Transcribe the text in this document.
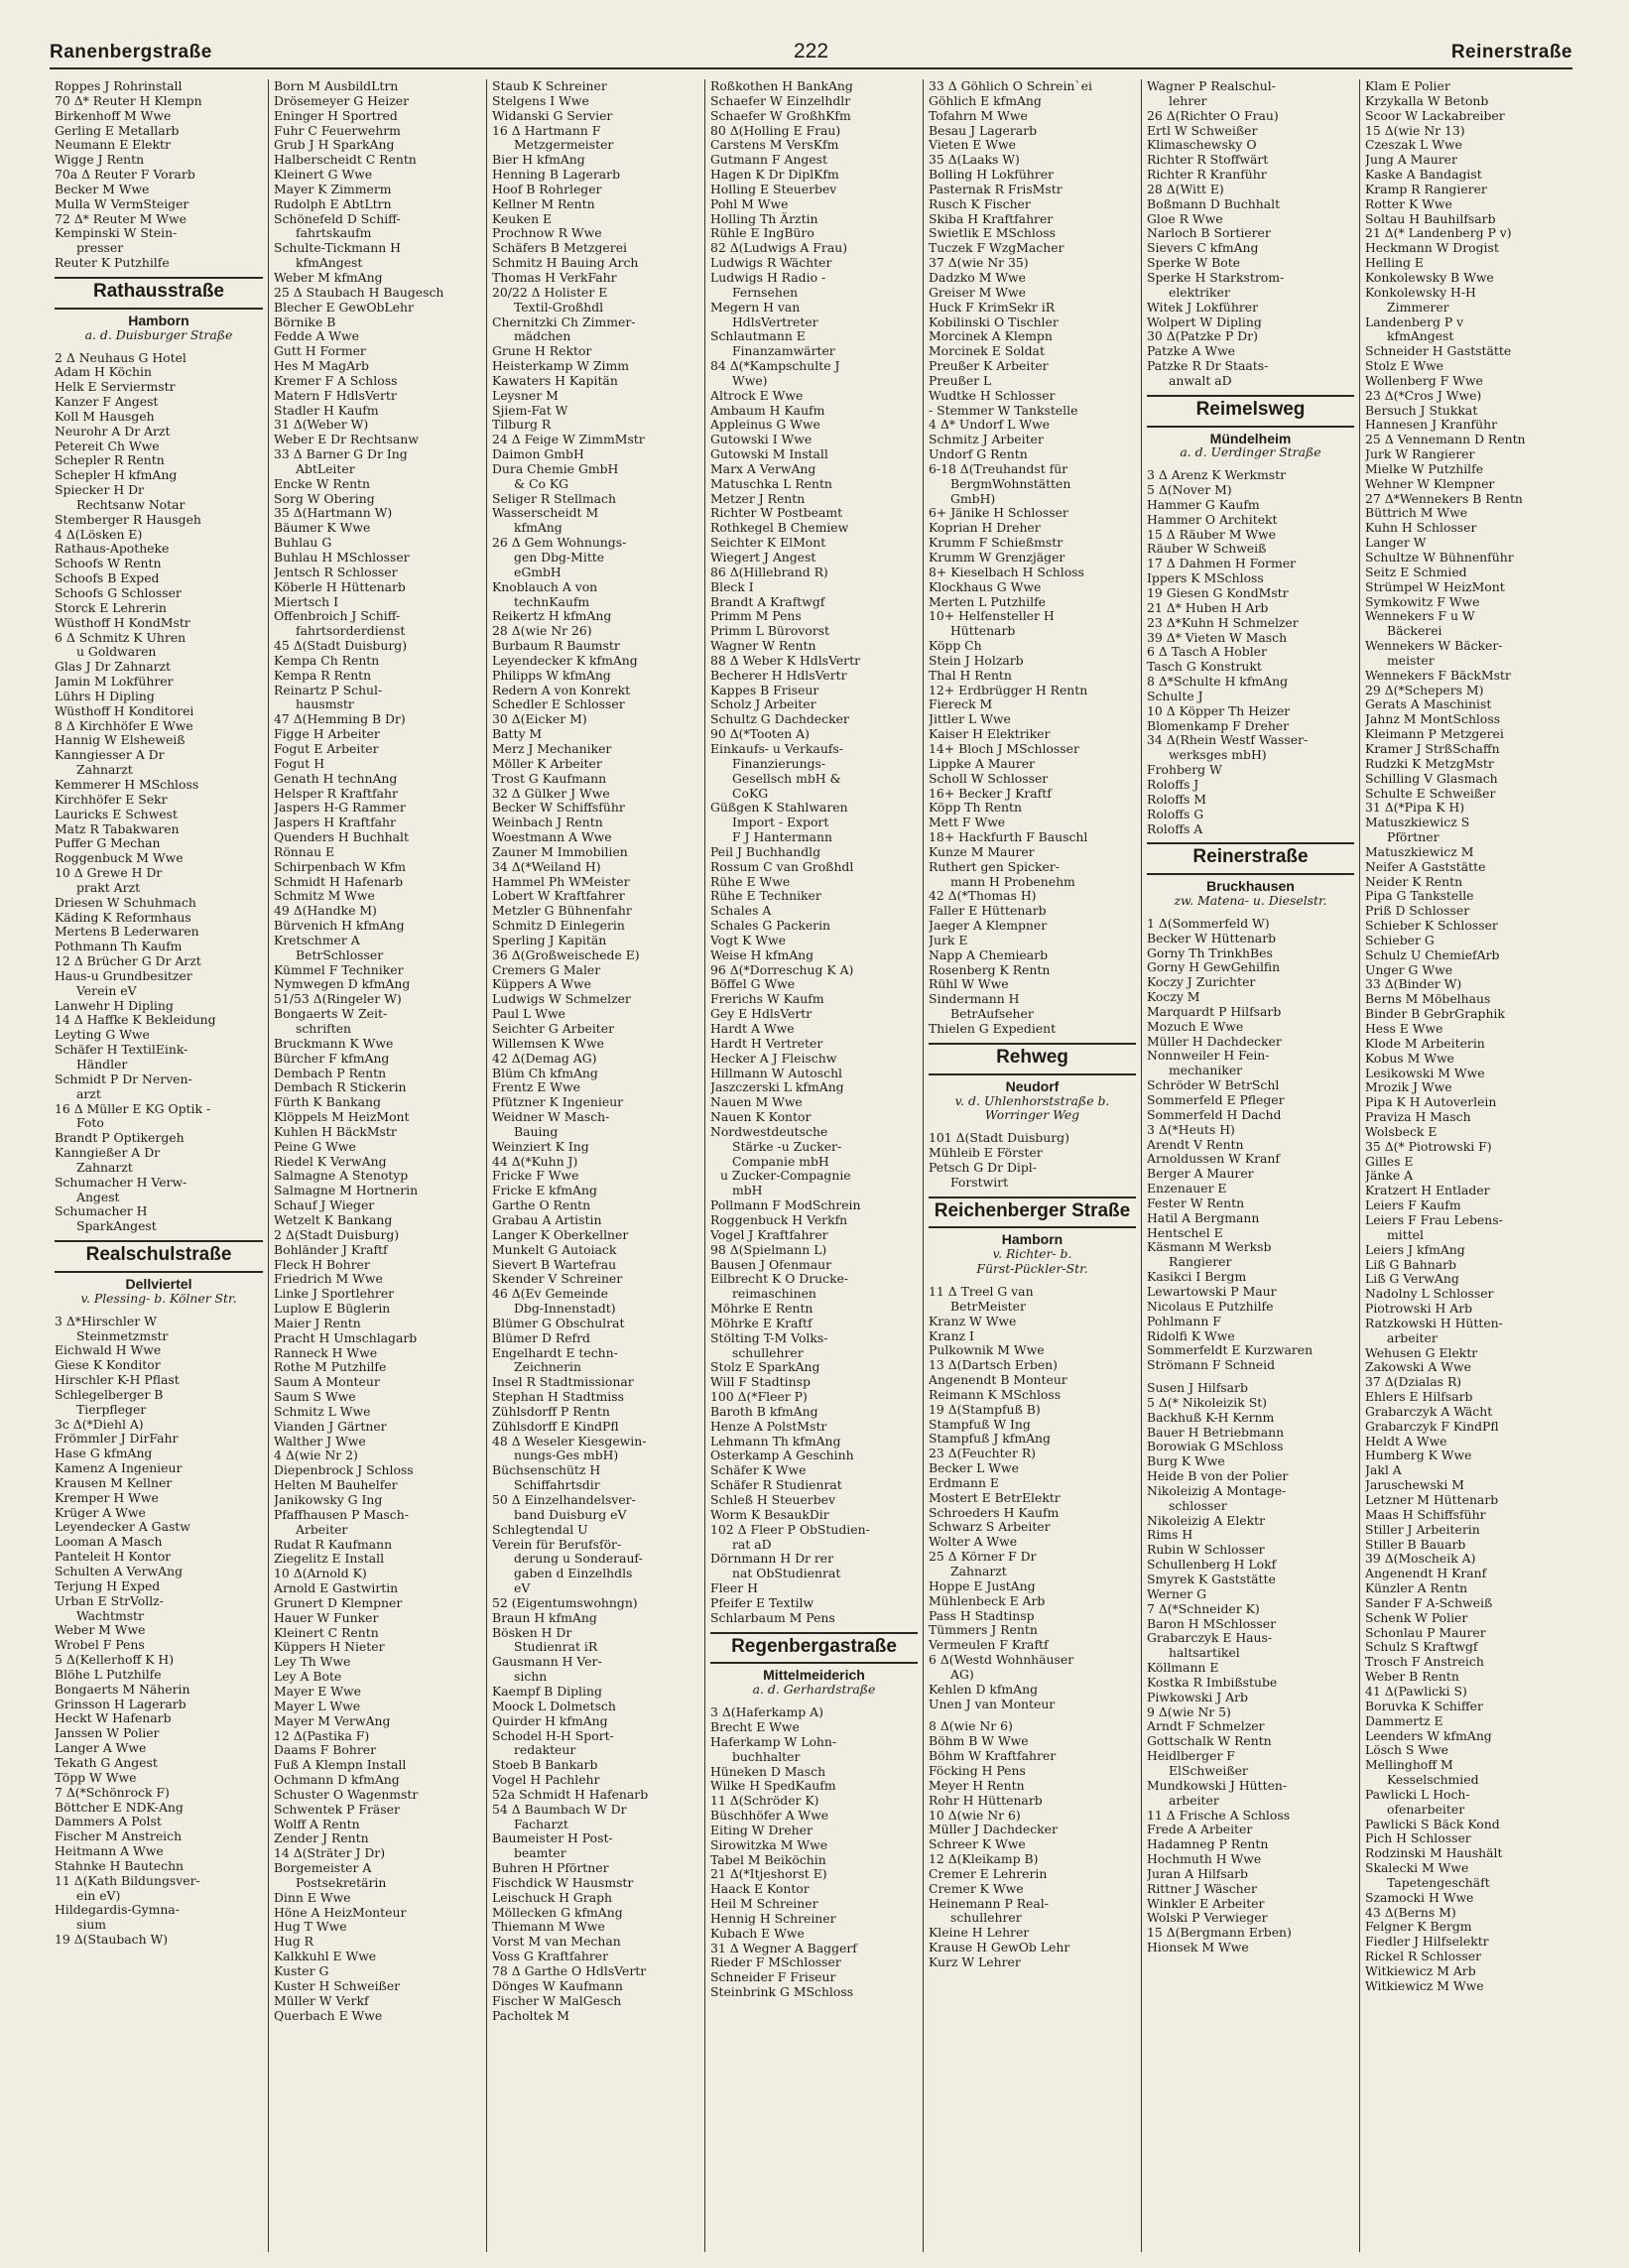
Ranenbergstraße	222	Reinerstraße
Roppes J Rohrinstall
70 Δ* Reuter H Klempn
Birkenhoff M Wwe
Gerling E Metallarb
Neumann E Elektr
Wigge J Rentn
70a Δ Reuter F Vorarb
Becker M Wwe
Mulla W VermSteiger
72 Δ* Reuter M Wwe
Kempinski W Stein-
presser
Reuter K Putzhilfe
Rathausstraße
Hamborn
a. d. Duisburger Straße
2 Δ Neuhaus G Hotel
Adam H Köchin
Helk E Serviermstr
Kanzer F Angest
Koll M Hausgeh
Neurohr A Dr Arzt
Petereit Ch Wwe
Schepler R Rentn
Schepler H kfmAng
Spiecker H Dr
Rechtsanw Notar
Stemberger R Hausgeh
4 Δ(Lösken E)
Rathaus-Apotheke
Schoofs W Rentn
Schoofs B Exped
Schoofs G Schlosser
Storck E Lehrerin
Wüsthoff H KondMstr
6 Δ Schmitz K Uhren
u Goldwaren
Glas J Dr Zahnarzt
Jamin M Lokführer
Lührs H Dipling
Wüsthoff H Konditorei
8 Δ Kirchhöfer E Wwe
Hannig W Elsheweiß
Kanngiesser A Dr
Zahnarzt
Kemmerer H MSchloss
Kirchhöfer E Sekr
Lauricks E Schwest
Matz R Tabakwaren
Puffer G Mechan
Roggenbuck M Wwe
10 Δ Grewe H Dr
prakt Arzt
Driesen W Schuhmach
Käding K Reformhaus
Mertens B Lederwaren
Pothmann Th Kaufm
12 Δ Brücher G Dr Arzt
Haus-u Grundbesitzer
Verein eV
Lanwehr H Dipling
14 Δ Haffke K Bekleidung
Leyting G Wwe
Schäfer H TextilEink-
Händler
Schmidt P Dr Nerven-
arzt
16 Δ Müller E KG Optik -
Foto
Brandt P Optikergeh
Kanngießer A Dr
Zahnarzt
Schumacher H Verw-
Angest
Schumacher H
SparkAngest
Realschulstraße
Dellviertel
v. Plessing- b. Kölner Str.
3 Δ*Hirschler W
Steinmetzmstr
Eichwald H Wwe
Giese K Konditor
Hirschler K-H Pflast
Schlegelberger B
Tierpfleger
3c Δ(*Diehl A)
Frömmler J DirFahr
Hase G kfmAng
Kamenz A Ingenieur
Krausen M Kellner
Kremper H Wwe
Krüger A Wwe
Leyendecker A Gastw
Looman A Masch
Panteleit H Kontor
Schulten A VerwAng
Terjung H Exped
Urban E StrVollz-
Wachtmstr
Weber M Wwe
Wrobel F Pens
5 Δ(Kellerhoff K H)
Blöhe L Putzhilfe
Bongaerts M Näherin
Grinsson H Lagerarb
Heckt W Hafenarb
Janssen W Polier
Langer A Wwe
Tekath G Angest
Töpp W Wwe
7 Δ(*Schönrock F)
Böttcher E NDK-Ang
Dammers A Polst
Fischer M Anstreich
Heitmann A Wwe
Stahnke H Bautechn
11 Δ(Kath Bildungsver-
ein eV)
Hildegardis-Gymna-
sium
19 Δ(Staubach W)
Born M AusbildLtrn
Drösemeyer G Heizer
Eninger H Sportred
Fuhr C Feuerwehrm
Grub J H SparkAng
Halberscheidt C Rentn
Kleinert G Wwe
Mayer K Zimmerm
Rudolph E AbtLtrn
Schönefeld D Schiff-
fahrtskaufm
Schulte-Tickmann H
kfmAngest
Weber M kfmAng
25 Δ Staubach H Baugesch
Blecher E GewObLehr
Börnike B
Fedde A Wwe
Gutt H Former
Hes M MagArb
Kremer F A Schloss
Matern F HdlsVertr
Stadler H Kaufm
31 Δ(Weber W)
Weber E Dr Rechtsanw
33 Δ Barner G Dr Ing
AbtLeiter
Encke W Rentn
Sorg W Obering
35 Δ(Hartmann W)
Bäumer K Wwe
Buhlau G
Buhlau H MSchlosser
Jentsch R Schlosser
Köberle H Hüttenarb
Miertsch I
Offenbroich J Schiff-
fahrtsorderdienst
45 Δ(Stadt Duisburg)
Kempa Ch Rentn
Kempa R Rentn
Reinartz P Schul-
hausmstr
47 Δ(Hemming B Dr)
Figge H Arbeiter
Fogut E Arbeiter
Fogut H
Genath H technAng
Helsper R Kraftfahr
Jaspers H-G Rammer
Jaspers H Kraftfahr
Quenders H Buchhalt
Rönnau E
Schirpenbach W Kfm
Schmidt H Hafenarb
Schmitz M Wwe
49 Δ(Handke M)
Bürvenich H kfmAng
Kretschmer A
BetrSchlosser
Kümmel F Techniker
Nymwegen D kfmAng
51/53 Δ(Ringeler W)
Bongaerts W Zeit-
schriften
Bruckmann K Wwe
Bürcher F kfmAng
Dembach P Rentn
Dembach R Stickerin
Fürth K Bankang
Klöppels M HeizMont
Kuhlen H BäckMstr
Peine G Wwe
Riedel K VerwAng
Salmagne A Stenotyp
Salmagne M Hortnerin
Schauf J Wieger
Wetzelt K Bankang
2 Δ(Stadt Duisburg)
Bohländer J Kraftf
Fleck H Bohrer
Friedrich M Wwe
Linke J Sportlehrer
Luplow E Büglerin
Maier J Rentn
Pracht H Umschlagarb
Ranneck H Wwe
Rothe M Putzhilfe
Saum A Monteur
Saum S Wwe
Schmitz L Wwe
Vianden J Gärtner
Walther J Wwe
4 Δ(wie Nr 2)
Diepenbrock J Schloss
Helten M Bauhelfer
Janikowsky G Ing
Pfaffhausen P Masch-
Arbeiter
Rudat R Kaufmann
Ziegelitz E Install
10 Δ(Arnold K)
Arnold E Gastwirtin
Grunert D Klempner
Hauer W Funker
Kleinert C Rentn
Küppers H Nieter
Ley Th Wwe
Ley A Bote
Mayer E Wwe
Mayer L Wwe
Mayer M VerwAng
12 Δ(Pastika F)
Daams F Bohrer
Fuß A Klempn Install
Ochmann D kfmAng
Schuster O Wagenmstr
Schwentek P Fräser
Wolff A Rentn
Zender J Rentn
14 Δ(Sträter J Dr)
Borgemeister A
Postsekretärin
Dinn E Wwe
Höne A HeizMonteur
Hug T Wwe
Hug R
Kalkkuhl E Wwe
Kuster G
Kuster H Schweißer
Müller W Verkf
Querbach E Wwe
Staub K Schreiner
Stelgens I Wwe
Widanski G Servier
16 Δ Hartmann F
Metzgermeister
Bier H kfmAng
Henning B Lagerarb
Hoof B Rohrleger
Kellner M Rentn
Keuken E
Prochnow R Wwe
Schäfers B Metzgerei
Schmitz H Bauing Arch
Thomas H VerkFahr
20/22 Δ Holister E
Textil-Großhdl
Chernitzki Ch Zimmer-
mädchen
Grune H Rektor
Heisterkamp W Zimm
Kawaters H Kapitän
Leysner M
Sjiem-Fat W
Tilburg R
24 Δ Feige W ZimmMstr
Daimon GmbH
Dura Chemie GmbH
& Co KG
Seliger R Stellmach
Wasserscheidt M
kfmAng
26 Δ Gem Wohnungs-
gen Dbg-Mitte
eGmbH
Knoblauch A von
technKaufm
Reikertz H kfmAng
28 Δ(wie Nr 26)
Burbaum R Baumstr
Leyendecker K kfmAng
Philipps W kfmAng
Redern A von Konrekt
Schedler E Schlosser
30 Δ(Eicker M)
Batty M
Merz J Mechaniker
Möller K Arbeiter
Trost G Kaufmann
32 Δ Gülker J Wwe
Becker W Schiffsführ
Weinbach J Rentn
Woestmann A Wwe
Zauner M Immobilien
34 Δ(*Weiland H)
Hammel Ph WMeister
Lobert W Kraftfahrer
Metzler G Bühnenfahr
Schmitz D Einlegerin
Sperling J Kapitän
36 Δ(Großweischede E)
Cremers G Maler
Küppers A Wwe
Ludwigs W Schmelzer
Paul L Wwe
Seichter G Arbeiter
Willemsen K Wwe
42 Δ(Demag AG)
Blüm Ch kfmAng
Frentz E Wwe
Pfützner K Ingenieur
Weidner W Masch-
Bauing
Weinziert K Ing
44 Δ(*Kuhn J)
Fricke F Wwe
Fricke E kfmAng
Garthe O Rentn
Grabau A Artistin
Langer K Oberkellner
Munkelt G Autoiack
Sievert B Wartefrau
Skender V Schreiner
46 Δ(Ev Gemeinde
Dbg-Innenstadt)
Blümer G Obschulrat
Blümer D Refrd
Engelhardt E techn-
Zeichnerin
Insel R Stadtmissionar
Stephan H Stadtmiss
Zühlsdorff P Rentn
Zühlsdorff E KindPfl
48 Δ Weseler Kiesgewin-
nungs-Ges mbH)
Büchsenschütz H
Schiffahrtsdir
50 Δ Einzelhandelsver-
band Duisburg eV
Schlegtendal U
Verein für Berufsför-
derung u Sonderauf-
gaben d Einzelhdls
eV
52 (Eigentumswohngn)
Braun H kfmAng
Bösken H Dr
Studienrat iR
Gausmann H Ver-
sichn
Kaempf B Dipling
Moock L Dolmetsch
Quirder H kfmAng
Schodel H-H Sport-
redakteur
Stoeb B Bankarb
Vogel H Pachlehr
52a Schmidt H Hafenarb
54 Δ Baumbach W Dr
Facharzt
Baumeister H Post-
beamter
Buhren H Pförtner
Fischdick W Hausmstr
Leischuck H Graph
Möllecken G kfmAng
Thiemann M Wwe
Vorst M van Mechan
Voss G Kraftfahrer
78 Δ Garthe O HdlsVertr
Dönges W Kaufmann
Fischer W MalGesch
Pacholtek M
Roßkothen H BankAng
Schaefer W Einzelhdlr
Schaefer W GroßhKfm
80 Δ(Holling E Frau)
Carstens M VersKfm
Gutmann F Angest
Hagen K Dr DiplKfm
Holling E Steuerbev
Pohl M Wwe
Holling Th Ärztin
Rühle E IngBüro
82 Δ(Ludwigs A Frau)
Ludwigs R Wächter
Ludwigs H Radio -
Fernsehen
Megern H van
HdlsVertreter
Schlautmann E
Finanzamwärter
84 Δ(*Kampschulte J
Wwe)
Altrock E Wwe
Ambaum H Kaufm
Appleinus G Wwe
Gutowski I Wwe
Gutowski M Install
Marx A VerwAng
Matuschka L Rentn
Metzer J Rentn
Richter W Postbeamt
Rothkegel B Chemiew
Seichter K ElMont
Wiegert J Angest
86 Δ(Hillebrand R)
Bleck I
Brandt A Kraftwgf
Primm M Pens
Primm L Bürovorst
Wagner W Rentn
88 Δ Weber K HdlsVertr
Becherer H HdlsVertr
Kappes B Friseur
Scholz J Arbeiter
Schultz G Dachdecker
90 Δ(*Tooten A)
Einkaufs- u Verkaufs-
Finanzierungs-
Gesellsch mbH &
CoKG
Güßgen K Stahlwaren
Import - Export
F J Hantermann
Peil J Buchhandlg
Rossum C van Großhdl
Rühe E Wwe
Rühe E Techniker
Schales A
Schales G Packerin
Vogt K Wwe
Weise H kfmAng
96 Δ(*Dorreschug K A)
Böffel G Wwe
Frerichs W Kaufm
Gey E HdlsVertr
Hardt A Wwe
Hardt H Vertreter
Hecker A J Fleischw
Hillmann W Autoschl
Jaszczerski L kfmAng
Nauen M Wwe
Nauen K Kontor
Nordwestdeutsche
Stärke -u Zucker-
Companie mbH
u Zucker-Compagnie
mbH
Pollmann F ModSchrein
Roggenbuck H Verkfn
Vogel J Kraftfahrer
98 Δ(Spielmann L)
Bausen J Ofenmaur
Eilbrecht K O Drucke-
reimaschinen
Möhrke E Rentn
Möhrke E Kraftf
Stölting T-M Volks-
schullehrer
Stolz E SparkAng
Will F Stadtinsp
100 Δ(*Fleer P)
Baroth B kfmAng
Henze A PolstMstr
Lehmann Th kfmAng
Osterkamp A Geschinh
Schäfer K Wwe
Schäfer R Studienrat
Schleß H Steuerbev
Worm K BesaukDir
102 Δ Fleer P ObStudien-
rat aD
Dörnmann H Dr rer
nat ObStudienrat
Fleer H
Pfeifer E Textilw
Schlarbaum M Pens
Regenbergastraße
Mittelmeiderich
a. d. Gerhardstraße
3 Δ(Haferkamp A)
Brecht E Wwe
Haferkamp W Lohn-
buchhalter
Hüneken D Masch
Wilke H SpedKaufm
11 Δ(Schröder K)
Büschhöfer A Wwe
Eiting W Dreher
Sirowitzka M Wwe
Tabel M Beiköchin
21 Δ(*Itjeshorst E)
Haack E Kontor
Heil M Schreiner
Hennig H Schreiner
Kubach E Wwe
31 Δ Wegner A Baggerf
Rieder F MSchlosser
Schneider F Friseur
Steinbrink G MSchloss
33 Δ Göhlich O Schrein`ei
Göhlich E kfmAng
Tofahrn M Wwe
Besau J Lagerarb
Vieten E Wwe
35 Δ(Laaks W)
Bolling H Lokführer
Pasternak R FrisMstr
Rusch K Fischer
Skiba H Kraftfahrer
Swietlik E MSchloss
Tuczek F WzgMacher
37 Δ(wie Nr 35)
Dadzko M Wwe
Greiser M Wwe
Huck F KrimSekr iR
Kobilinski O Tischler
Morcinek A Klempn
Morcinek E Soldat
Preußer K Arbeiter
Preußer L
Wudtke H Schlosser
- Stemmer W Tankstelle
4 Δ* Undorf L Wwe
Schmitz J Arbeiter
Undorf G Rentn
6-18 Δ(Treuhandst für
BergmWohnstätten
GmbH)
6+ Jänike H Schlosser
Koprian H Dreher
Krumm F Schießmstr
Krumm W Grenzjäger
8+ Kieselbach H Schloss
Klockhaus G Wwe
Merten L Putzhilfe
10+ Helfensteller H
Hüttenarb
Köpp Ch
Stein J Holzarb
Thal H Rentn
12+ Erdbrügger H Rentn
Fiereck M
Jittler L Wwe
Kaiser H Elektriker
14+ Bloch J MSchlosser
Lippke A Maurer
Scholl W Schlosser
16+ Becker J Kraftf
Köpp Th Rentn
Mett F Wwe
18+ Hackfurth F Bauschl
Kunze M Maurer
Ruthert gen Spicker-
mann H Probenehm
42 Δ(*Thomas H)
Faller E Hüttenarb
Jaeger A Klempner
Jurk E
Napp A Chemiearb
Rosenberg K Rentn
Rühl W Wwe
Sindermann H
BetrAufseher
Thielen G Expedient
Rehweg
Neudorf
v. d. Uhlenhorststraße b.
Worringer Weg
101 Δ(Stadt Duisburg)
Mühleib E Förster
Petsch G Dr Dipl-
Forstwirt
Reichenberger Straße
Hamborn
v. Richter- b.
Fürst-Pückler-Str.
11 Δ Treel G van
BetrMeister
Kranz W Wwe
Kranz I
Pulkownik M Wwe
13 Δ(Dartsch Erben)
Angenendt B Monteur
Reimann K MSchloss
19 Δ(Stampfuß B)
Stampfuß W Ing
Stampfuß J kfmAng
23 Δ(Feuchter R)
Becker L Wwe
Erdmann E
Mostert E BetrElektr
Schroeders H Kaufm
Schwarz S Arbeiter
Wolter A Wwe
25 Δ Körner F Dr
Zahnarzt
Hoppe E JustAng
Mühlenbeck E Arb
Pass H Stadtinsp
Tümmers J Rentn
Vermeulen F Kraftf
6 Δ(Westd Wohnhäuser
AG)
Kehlen D kfmAng
Unen J van Monteur
8 Δ(wie Nr 6)
Böhm B W Wwe
Böhm W Kraftfahrer
Föcking H Pens
Meyer H Rentn
Rohr H Hüttenarb
10 Δ(wie Nr 6)
Müller J Dachdecker
Schreer K Wwe
12 Δ(Kleikamp B)
Cremer E Lehrerin
Cremer K Wwe
Heinemann P Real-
schullehrer
Kleine H Lehrer
Krause H GewOb Lehr
Kurz W Lehrer
Wagner P Realschul-
lehrer
26 Δ(Richter O Frau)
Ertl W Schweißer
Klimaschewsky O
Richter R Stoffwärt
Richter R Kranführ
28 Δ(Witt E)
Boßmann D Buchhalt
Gloe R Wwe
Narloch B Sortierer
Sievers C kfmAng
Sperke W Bote
Sperke H Starkstrom-
elektriker
Witek J Lokführer
Wolpert W Dipling
30 Δ(Patzke P Dr)
Patzke A Wwe
Patzke R Dr Staats-
anwalt aD
Reimelsweg
Mündelheim
a. d. Uerdinger Straße
3 Δ Arenz K Werkmstr
5 Δ(Nover M)
Hammer G Kaufm
Hammer O Architekt
15 Δ Räuber M Wwe
Räuber W Schweiß
17 Δ Dahmen H Former
Ippers K MSchloss
19 Giesen G KondMstr
21 Δ* Huben H Arb
23 Δ*Kuhn H Schmelzer
39 Δ* Vieten W Masch
6 Δ Tasch A Hobler
Tasch G Konstrukt
8 Δ*Schulte H kfmAng
Schulte J
10 Δ Köpper Th Heizer
Blomenkamp F Dreher
34 Δ(Rhein Westf Wasser-
werksges mbH)
Frohberg W
Roloffs J
Roloffs M
Roloffs G
Roloffs A
Reinerstraße
Bruckhausen
zw. Matena- u. Dieselstr.
1 Δ(Sommerfeld W)
Becker W Hüttenarb
Gorny Th TrinkhBes
Gorny H GewGehilfin
Koczy J Zurichter
Koczy M
Marquardt P Hilfsarb
Mozuch E Wwe
Müller H Dachdecker
Nonnweiler H Fein-
mechaniker
Schröder W BetrSchl
Sommerfeld E Pfleger
Sommerfeld H Dachd
3 Δ(*Heuts H)
Arendt V Rentn
Arnoldussen W Kranf
Berger A Maurer
Enzenauer E
Fester W Rentn
Hatil A Bergmann
Hentschel E
Käsmann M Werksb
Rangierer
Kasikci I Bergm
Lewartowski P Maur
Nicolaus E Putzhilfe
Pohlmann F
Ridolfi K Wwe
Sommerfeldt E Kurzwaren
Strömann F Schneid
Susen J Hilfsarb
5 Δ(* Nikoleizik St)
Backhuß K-H Kernm
Bauer H Betriebmann
Borowiak G MSchloss
Burg K Wwe
Heide B von der Polier
Nikoleizig A Montage-
schlosser
Nikoleizig A Elektr
Rims H
Rubin W Schlosser
Schullenberg H Lokf
Smyrek K Gaststätte
Werner G
7 Δ(*Schneider K)
Baron H MSchlosser
Grabarczyk E Haus-
haltsartikel
Köllmann E
Kostka R Imbißstube
Piwkowski J Arb
9 Δ(wie Nr 5)
Arndt F Schmelzer
Gottschalk W Rentn
Heidlberger F
ElSchweißer
Mundkowski J Hütten-
arbeiter
11 Δ Frische A Schloss
Frede A Arbeiter
Hadamneg P Rentn
Hochmuth H Wwe
Juran A Hilfsarb
Rittner J Wäscher
Winkler E Arbeiter
Wolski P Verwieger
15 Δ(Bergmann Erben)
Hionsek M Wwe
Klam E Polier
Krzykalla W Betonb
Scoor W Lackabreiber
15 Δ(wie Nr 13)
Czeszak L Wwe
Jung A Maurer
Kaske A Bandagist
Kramp R Rangierer
Rotter K Wwe
Soltau H Bauhilfsarb
21 Δ(* Landenberg P v)
Heckmann W Drogist
Helling E
Konkolewsky B Wwe
Konkolewsky H-H
Zimmerer
Landenberg P v
kfmAngest
Schneider H Gaststätte
Stolz E Wwe
Wollenberg F Wwe
23 Δ(*Cros J Wwe)
Bersuch J Stukkat
Hannesen J Kranführ
25 Δ Vennemann D Rentn
Jurk W Rangierer
Mielke W Putzhilfe
Wehner W Klempner
27 Δ*Wennekers B Rentn
Büttrich M Wwe
Kuhn H Schlosser
Langer W
Schultze W Bühnenführ
Seitz E Schmied
Strümpel W HeizMont
Symkowitz F Wwe
Wennekers F u W
Bäckerei
Wennekers W Bäcker-
meister
Wennekers F BäckMstr
29 Δ(*Schepers M)
Gerats A Maschinist
Jahnz M MontSchloss
Kleimann P Metzgerei
Kramer J StrßSchaffn
Rudzki K MetzgMstr
Schilling V Glasmach
Schulte E Schweißer
31 Δ(*Pipa K H)
Matuszkiewicz S
Pförtner
Matuszkiewicz M
Neifer A Gaststätte
Neider K Rentn
Pipa G Tankstelle
Priß D Schlosser
Schieber K Schlosser
Schieber G
Schulz U ChemiefArb
Unger G Wwe
33 Δ(Binder W)
Berns M Möbelhaus
Binder B GebrGraphik
Hess E Wwe
Klode M Arbeiterin
Kobus M Wwe
Lesikowski M Wwe
Mrozik J Wwe
Pipa K H Autoverlein
Praviza H Masch
Wolsbeck E
35 Δ(* Piotrowski F)
Gilles E
Jänke A
Kratzert H Entlader
Leiers F Kaufm
Leiers F Frau Lebens-
mittel
Leiers J kfmAng
Liß G Bahnarb
Liß G VerwAng
Nadolny L Schlosser
Piotrowski H Arb
Ratzkowski H Hütten-
arbeiter
Wehusen G Elektr
Zakowski A Wwe
37 Δ(Dzialas R)
Ehlers E Hilfsarb
Grabarczyk A Wächt
Grabarczyk F KindPfl
Heldt A Wwe
Humberg K Wwe
Jakl A
Jaruschewski M
Letzner M Hüttenarb
Maas H Schiffsführ
Stiller J Arbeiterin
Stiller B Bauarb
39 Δ(Moscheik A)
Angenendt H Kranf
Künzler A Rentn
Sander F A-Schweiß
Schenk W Polier
Schonlau P Maurer
Schulz S Kraftwgf
Trosch F Anstreich
Weber B Rentn
41 Δ(Pawlicki S)
Boruvka K Schiffer
Dammertz E
Leenders W kfmAng
Lösch S Wwe
Mellinghoff M
Kesselschmied
Pawlicki L Hoch-
ofenarbeiter
Pawlicki S Bäck Kond
Pich H Schlosser
Rodzinski M Haushält
Skalecki M Wwe
Tapetengeschäft
Szamocki H Wwe
43 Δ(Berns M)
Felgner K Bergm
Fiedler J Hilfselektr
Rickel R Schlosser
Witkiewicz M Arb
Witkiewicz M Wwe
